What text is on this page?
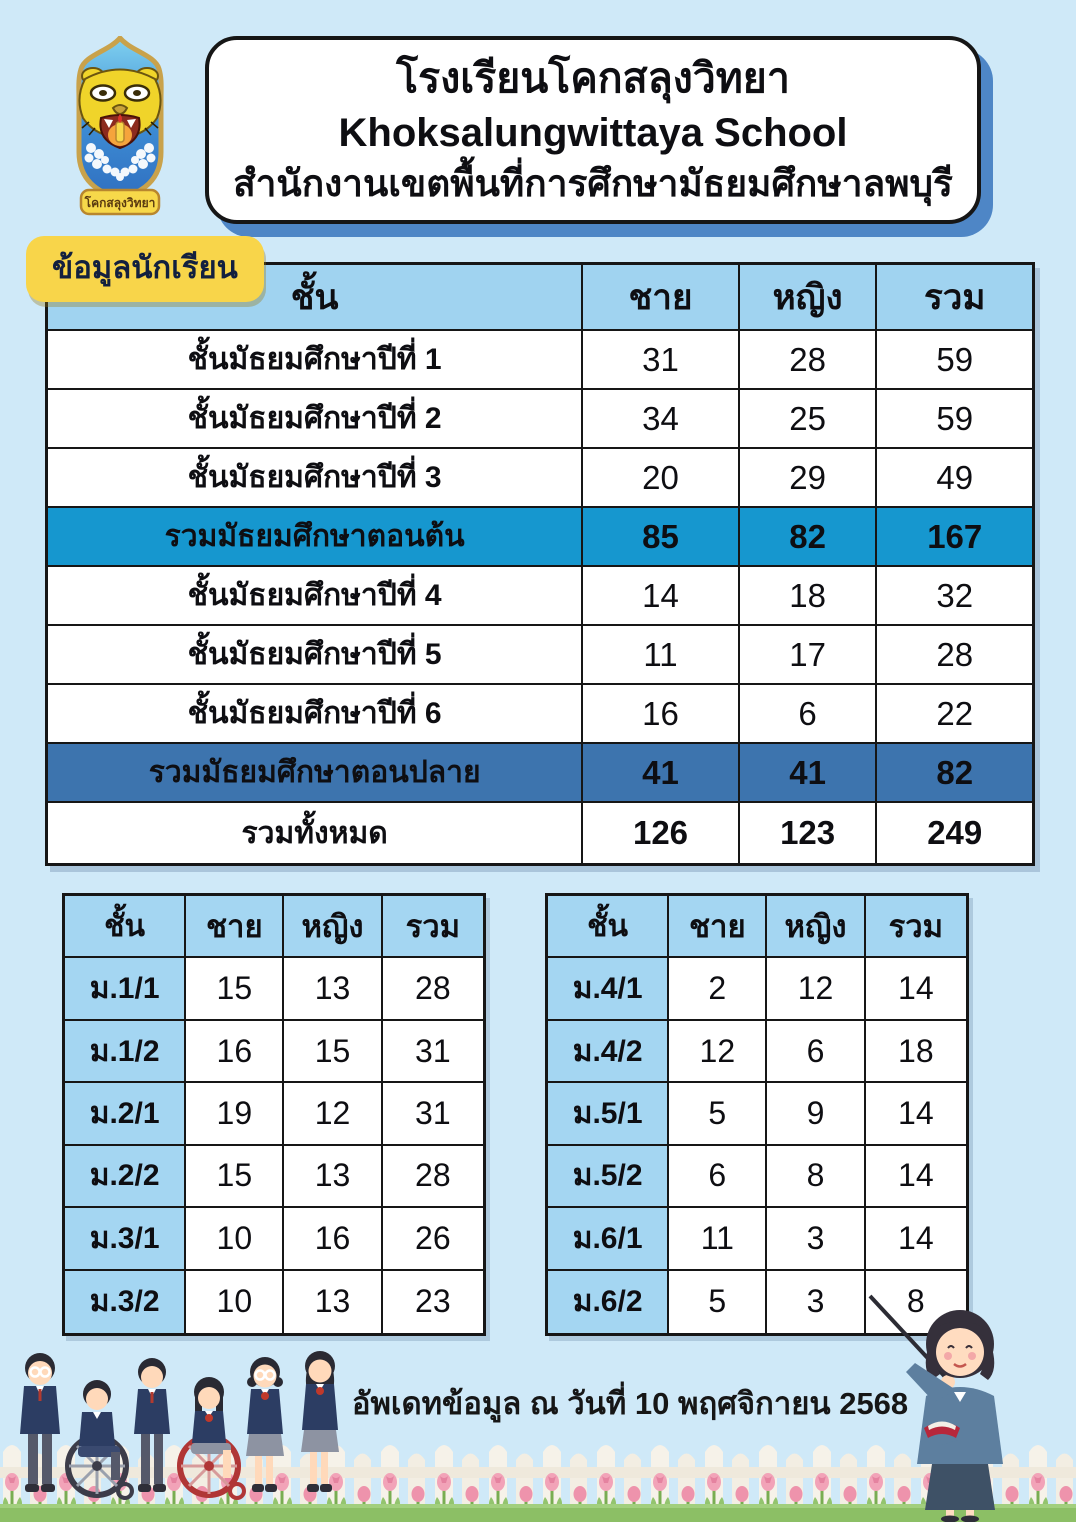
โคกสลุงวิทยา
โรงเรียนโคกสลุงวิทยา
Khoksalungwittaya School
สำนักงานเขตพื้นที่การศึกษามัธยมศึกษาลพบุรี
ข้อมูลนักเรียน
ชั้น	ชาย	หญิง	รวม
ชั้นมัธยมศึกษาปีที่ 1	31	28	59
ชั้นมัธยมศึกษาปีที่ 2	34	25	59
ชั้นมัธยมศึกษาปีที่ 3	20	29	49
รวมมัธยมศึกษาตอนต้น	85	82	167
ชั้นมัธยมศึกษาปีที่ 4	14	18	32
ชั้นมัธยมศึกษาปีที่ 5	11	17	28
ชั้นมัธยมศึกษาปีที่ 6	16	6	22
รวมมัธยมศึกษาตอนปลาย	41	41	82
รวมทั้งหมด	126	123	249
ชั้น	ชาย	หญิง	รวม
ม.1/1	15	13	28
ม.1/2	16	15	31
ม.2/1	19	12	31
ม.2/2	15	13	28
ม.3/1	10	16	26
ม.3/2	10	13	23
ชั้น	ชาย	หญิง	รวม
ม.4/1	2	12	14
ม.4/2	12	6	18
ม.5/1	5	9	14
ม.5/2	6	8	14
ม.6/1	11	3	14
ม.6/2	5	3	8
อัพเดทข้อมูล ณ วันที่ 10 พฤศจิกายน 2568
